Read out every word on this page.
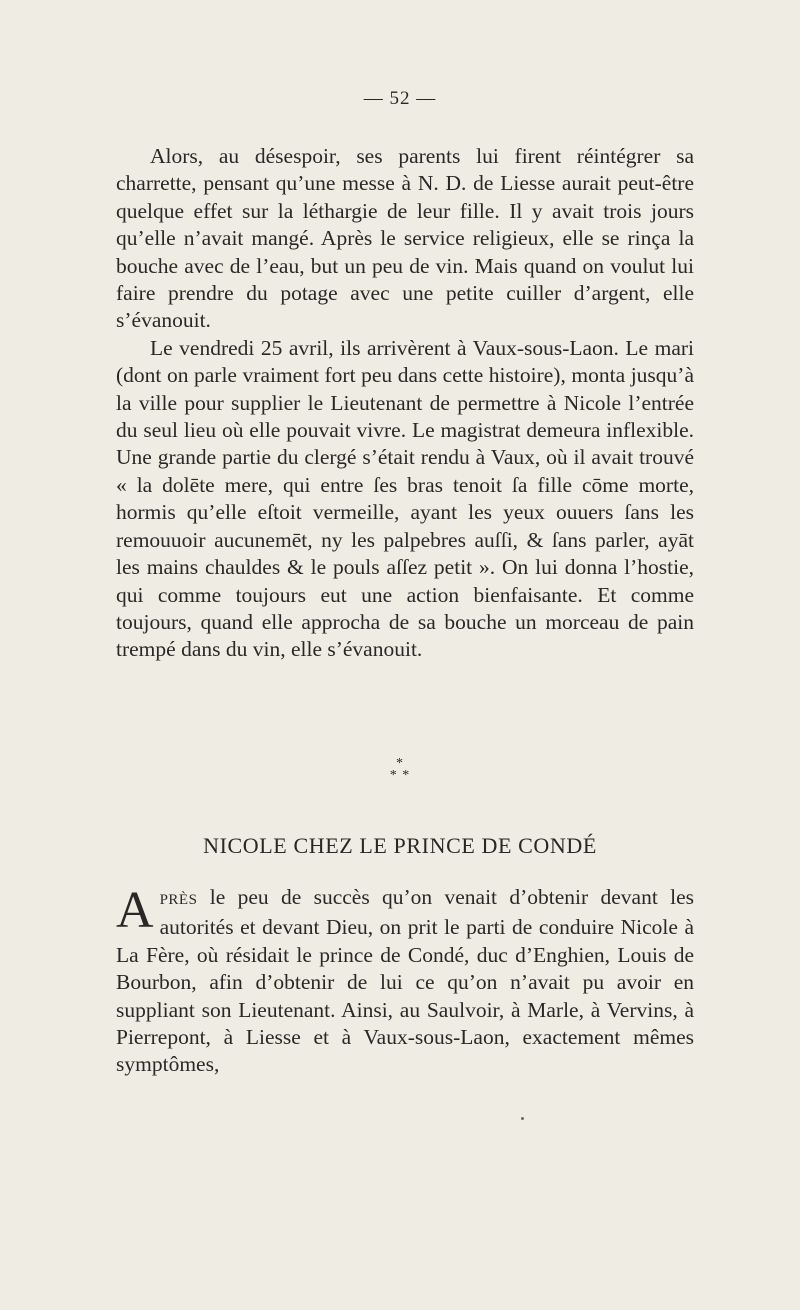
— 52 —

Alors, au désespoir, ses parents lui firent réintégrer sa charrette, pensant qu’une messe à N. D. de Liesse aurait peut-être quelque effet sur la léthargie de leur fille. Il y avait trois jours qu’elle n’avait mangé. Après le service religieux, elle se rinça la bouche avec de l’eau, but un peu de vin. Mais quand on voulut lui faire prendre du potage avec une petite cuiller d’argent, elle s’évanouit.

Le vendredi 25 avril, ils arrivèrent à Vaux-sous-Laon. Le mari (dont on parle vraiment fort peu dans cette histoire), monta jusqu’à la ville pour supplier le Lieutenant de permettre à Nicole l’entrée du seul lieu où elle pouvait vivre. Le magistrat demeura inflexible. Une grande partie du clergé s’était rendu à Vaux, où il avait trouvé « la dolēte mere, qui entre ſes bras tenoit ſa fille cōme morte, hormis qu’elle eſtoit vermeille, ayant les yeux ouuers ſans les remouuoir aucunemēt, ny les palpebres auſſi, & ſans parler, ayāt les mains chauldes & le pouls aſſez petit ». On lui donna l’hostie, qui comme toujours eut une action bienfaisante. Et comme toujours, quand elle approcha de sa bouche un morceau de pain trempé dans du vin, elle s’évanouit.

*
* *
NICOLE CHEZ LE PRINCE DE CONDÉ

APRÈS le peu de succès qu’on venait d’obtenir devant les autorités et devant Dieu, on prit le parti de conduire Nicole à La Fère, où résidait le prince de Condé, duc d’Enghien, Louis de Bourbon, afin d’obtenir de lui ce qu’on n’avait pu avoir en suppliant son Lieutenant. Ainsi, au Saulvoir, à Marle, à Vervins, à Pierrepont, à Liesse et à Vaux-sous-Laon, exactement mêmes symptômes,
